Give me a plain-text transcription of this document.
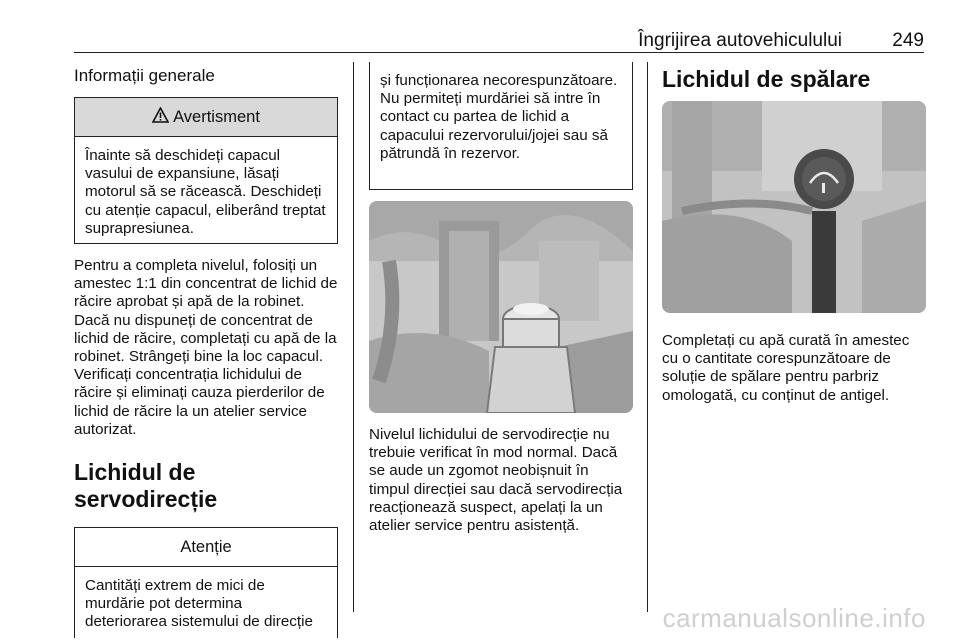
Îngrijirea autovehiculului	249
Informații generale
Avertisment

Înainte să deschideți capacul vasului de expansiune, lăsați motorul să se răcească. Deschideți cu atenție capacul, eliberând treptat suprapresiunea.

Pentru a completa nivelul, folosiți un amestec 1:1 din concentrat de lichid de răcire aprobat și apă de la robinet. Dacă nu dispuneți de concentrat de lichid de răcire, completați cu apă de la robinet. Strângeți bine la loc capacul. Verificați concentrația lichidului de răcire și eliminați cauza pierderilor de lichid de răcire la un atelier service autorizat.

Lichidul de servodirecție
Atenție

Cantități extrem de mici de murdărie pot determina deteriorarea sistemului de direcție

și funcționarea necorespunzătoare. Nu permiteți murdăriei să intre în contact cu partea de lichid a capacului rezervorului/jojei sau să pătrundă în rezervor.

Nivelul lichidului de servodirecție nu trebuie verificat în mod normal. Dacă se aude un zgomot neobișnuit în timpul direcției sau dacă servodirecția reacționează suspect, apelați la un atelier service pentru asistență.

Lichidul de spălare

Completați cu apă curată în amestec cu o cantitate corespunzătoare de soluție de spălare pentru parbriz omologată, cu conținut de antigel.

carmanualsonline.info
